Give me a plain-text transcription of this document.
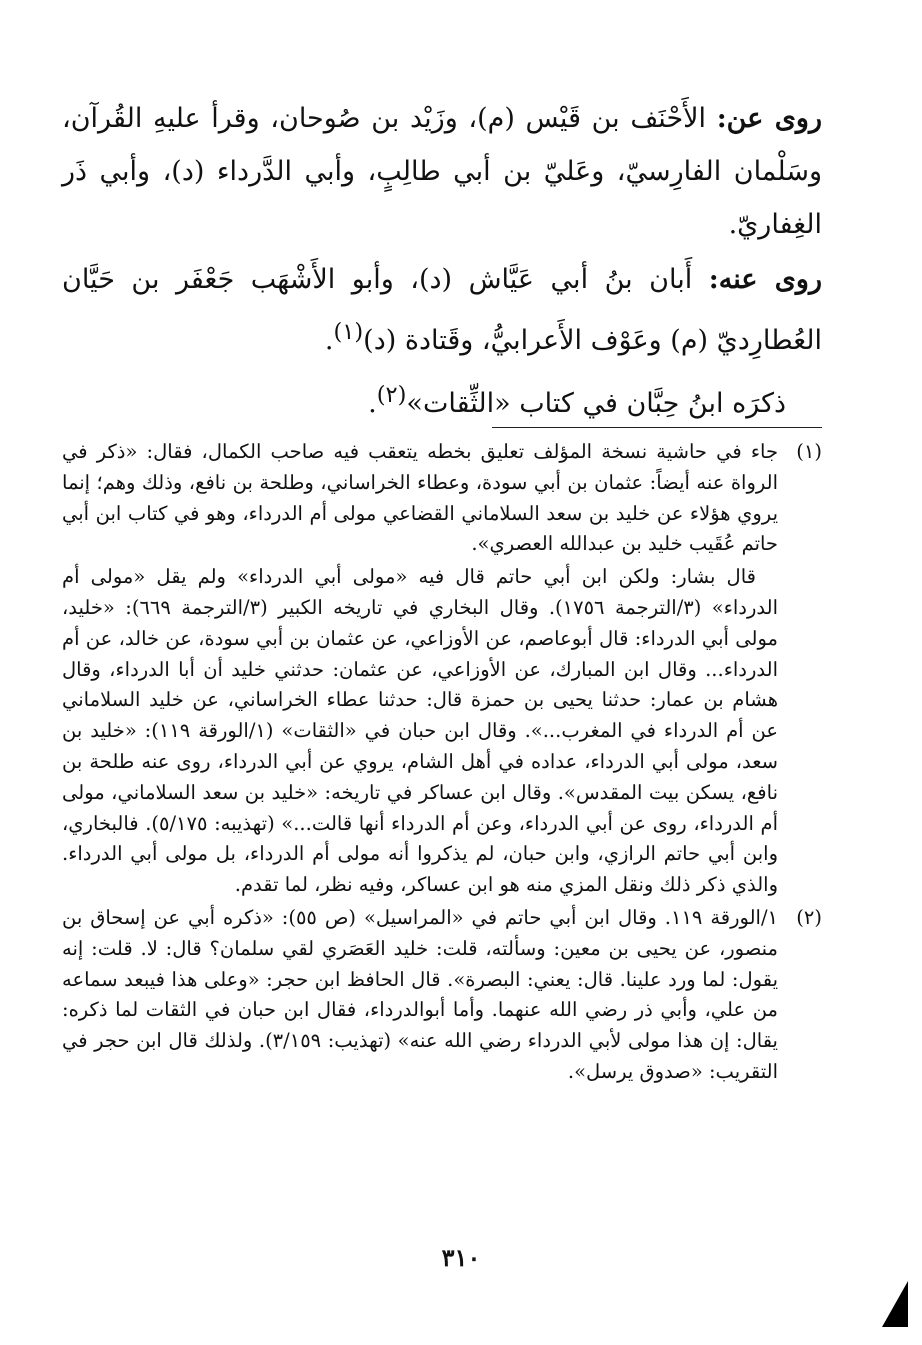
روى عن: الأَحْنَف بن قَيْس (م)، وزَيْد بن صُوحان، وقرأ عليهِ القُرآن، وسَلْمان الفارِسيّ، وعَليّ بن أبي طالِبٍ، وأبي الدَّرداء (د)، وأبي ذَر الغِفاريّ.

روى عنه: أَبان بنُ أبي عَيَّاش (د)، وأبو الأَشْهَب جَعْفَر بن حَيَّان العُطارِديّ (م) وعَوْف الأَعرابيُّ، وقَتادة (د)$^{(١)}$.

ذكرَه ابنُ حِبَّان في كتاب «الثِّقات»$^{(٢)}$.

(١)

جاء في حاشية نسخة المؤلف تعليق بخطه يتعقب فيه صاحب الكمال، فقال: «ذكر في الرواة عنه أيضاً: عثمان بن أبي سودة، وعطاء الخراساني، وطلحة بن نافع، وذلك وهم؛ إنما يروي هؤلاء عن خليد بن سعد السلاماني القضاعي مولى أم الدرداء، وهو في كتاب ابن أبي حاتم عُقَيب خليد بن عبدالله العصري».

قال بشار: ولكن ابن أبي حاتم قال فيه «مولى أبي الدرداء» ولم يقل «مولى أم الدرداء» (٣/الترجمة ١٧٥٦). وقال البخاري في تاريخه الكبير (٣/الترجمة ٦٦٩): «خليد، مولى أبي الدرداء: قال أبوعاصم، عن الأوزاعي، عن عثمان بن أبي سودة، عن خالد، عن أم الدرداء... وقال ابن المبارك، عن الأوزاعي، عن عثمان: حدثني خليد أن أبا الدرداء، وقال هشام بن عمار: حدثنا يحيى بن حمزة قال: حدثنا عطاء الخراساني، عن خليد السلاماني عن أم الدرداء في المغرب...». وقال ابن حبان في «الثقات» (١/الورقة ١١٩): «خليد بن سعد، مولى أبي الدرداء، عداده في أهل الشام، يروي عن أبي الدرداء، روى عنه طلحة بن نافع، يسكن بيت المقدس». وقال ابن عساكر في تاريخه: «خليد بن سعد السلاماني، مولى أم الدرداء، روى عن أبي الدرداء، وعن أم الدرداء أنها قالت...» (تهذيبه: ٥/١٧٥). فالبخاري، وابن أبي حاتم الرازي، وابن حبان، لم يذكروا أنه مولى أم الدرداء، بل مولى أبي الدرداء. والذي ذكر ذلك ونقل المزي منه هو ابن عساكر، وفيه نظر، لما تقدم.

(٢)

١/الورقة ١١٩. وقال ابن أبي حاتم في «المراسيل» (ص ٥٥): «ذكره أبي عن إسحاق بن منصور، عن يحيى بن معين: وسألته، قلت: خليد العَصَري لقي سلمان؟ قال: لا. قلت: إنه يقول: لما ورد علينا. قال: يعني: البصرة». قال الحافظ ابن حجر: «وعلى هذا فيبعد سماعه من علي، وأبي ذر رضي الله عنهما. وأما أبوالدرداء، فقال ابن حبان في الثقات لما ذكره: يقال: إن هذا مولى لأبي الدرداء رضي الله عنه» (تهذيب: ٣/١٥٩). ولذلك قال ابن حجر في التقريب: «صدوق يرسل».

٣١٠
